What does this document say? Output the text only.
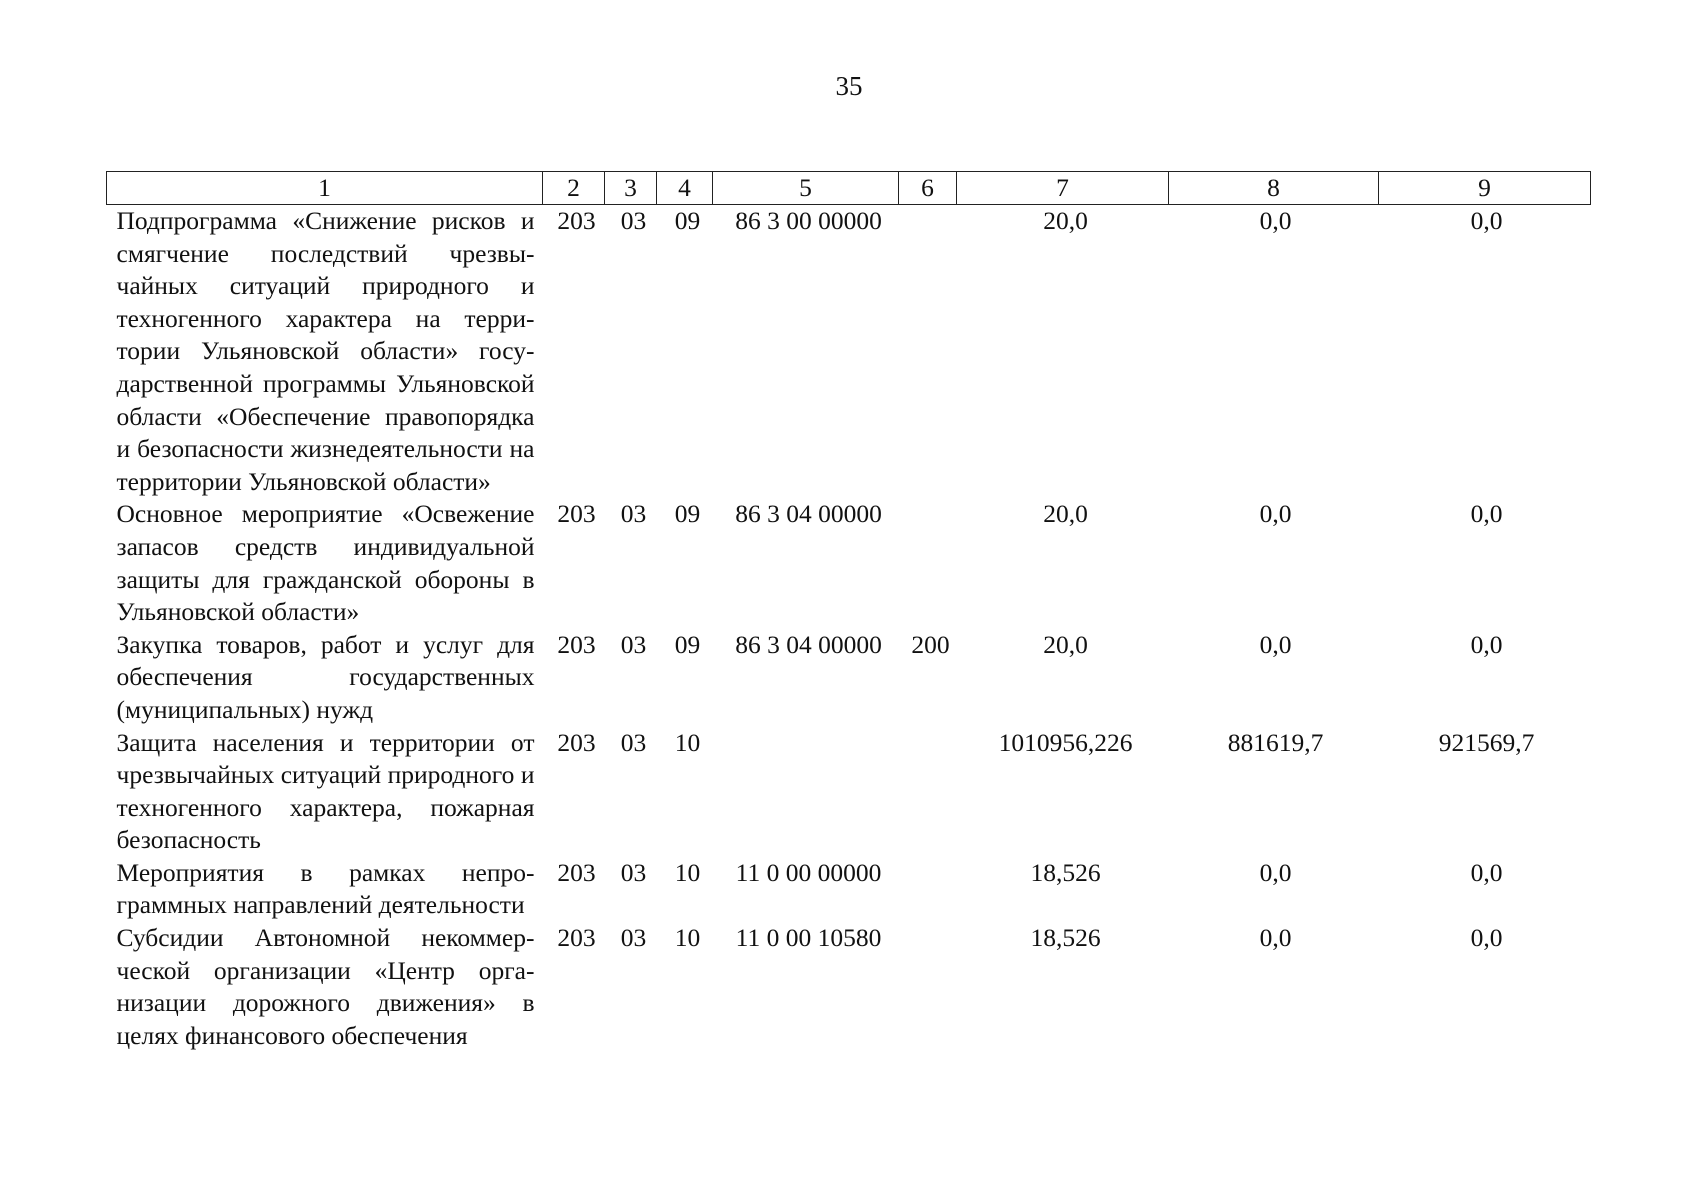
35
1	2	3	4	5	6	7	8	9
Подпрограмма «Снижение рисков и смягчение последствий чрезвычайных ситуаций природного и техногенного характера на территории Ульяновской области» государственной программы Ульяновской области «Обеспечение правопорядка и безопасности жизнедеятельности на территории Ульяновской области»	203	03	09	86 3 00 00000		20,0	0,0	0,0
Основное мероприятие «Освежение запасов средств индивидуальной защиты для гражданской обороны в Ульяновской области»	203	03	09	86 3 04 00000		20,0	0,0	0,0
Закупка товаров, работ и услуг для обеспечения государственных (муниципальных) нужд	203	03	09	86 3 04 00000	200	20,0	0,0	0,0
Защита населения и территории от чрезвычайных ситуаций природного и техногенного характера, пожарная безопасность	203	03	10			1010956,226	881619,7	921569,7
Мероприятия в рамках непрограммных направлений деятельности	203	03	10	11 0 00 00000		18,526	0,0	0,0
Субсидии Автономной некоммерческой организации «Центр организации дорожного движения» в целях финансового обеспечения	203	03	10	11 0 00 10580		18,526	0,0	0,0
